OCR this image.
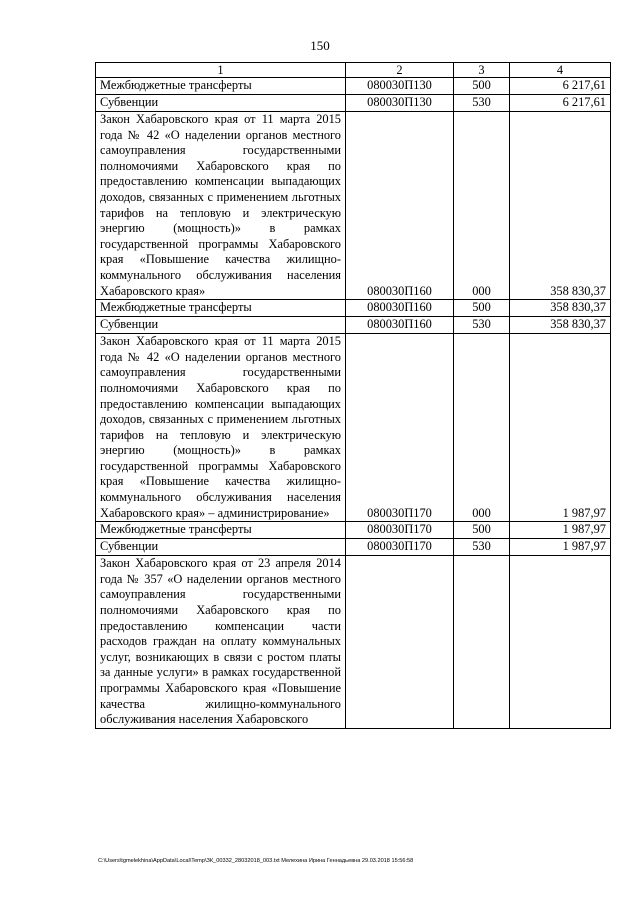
150
1	2	3	4
Межбюджетные трансферты	080030П130	500	6 217,61
Субвенции	080030П130	530	6 217,61
Закон Хабаровского края от 11 марта 2015 года № 42 «О наделении органов местного самоуправления государственными полномочиями Хабаровского края по предоставлению компенсации выпадающих доходов, связанных с применением льготных тарифов на тепловую и электрическую энергию (мощность)» в рамках государственной программы Хабаровского края «Повышение качества жилищно-коммунального обслуживания населения Хабаровского края»	080030П160	000	358 830,37
Межбюджетные трансферты	080030П160	500	358 830,37
Субвенции	080030П160	530	358 830,37
Закон Хабаровского края от 11 марта 2015 года № 42 «О наделении органов местного самоуправления государственными полномочиями Хабаровского края по предоставлению компенсации выпадающих доходов, связанных с применением льготных тарифов на тепловую и электрическую энергию (мощность)» в рамках государственной программы Хабаровского края «Повышение качества жилищно-коммунального обслуживания населения Хабаровского края» – администрирование»	080030П170	000	1 987,97
Межбюджетные трансферты	080030П170	500	1 987,97
Субвенции	080030П170	530	1 987,97
Закон Хабаровского края от 23 апреля 2014 года № 357 «О наделении органов местного самоуправления государственными полномочиями Хабаровского края по предоставлению компенсации части расходов граждан на оплату коммунальных услуг, возникающих в связи с ростом платы за данные услуги» в рамках государственной программы Хабаровского края «Повышение качества жилищно-коммунального обслуживания населения Хабаровского			
C:\Users\tgmelekhina\AppData\Local\Temp\ЗК_00332_28032018_003.txt Мелехина Ирина Геннадьевна 29.03.2018 15:56:58
